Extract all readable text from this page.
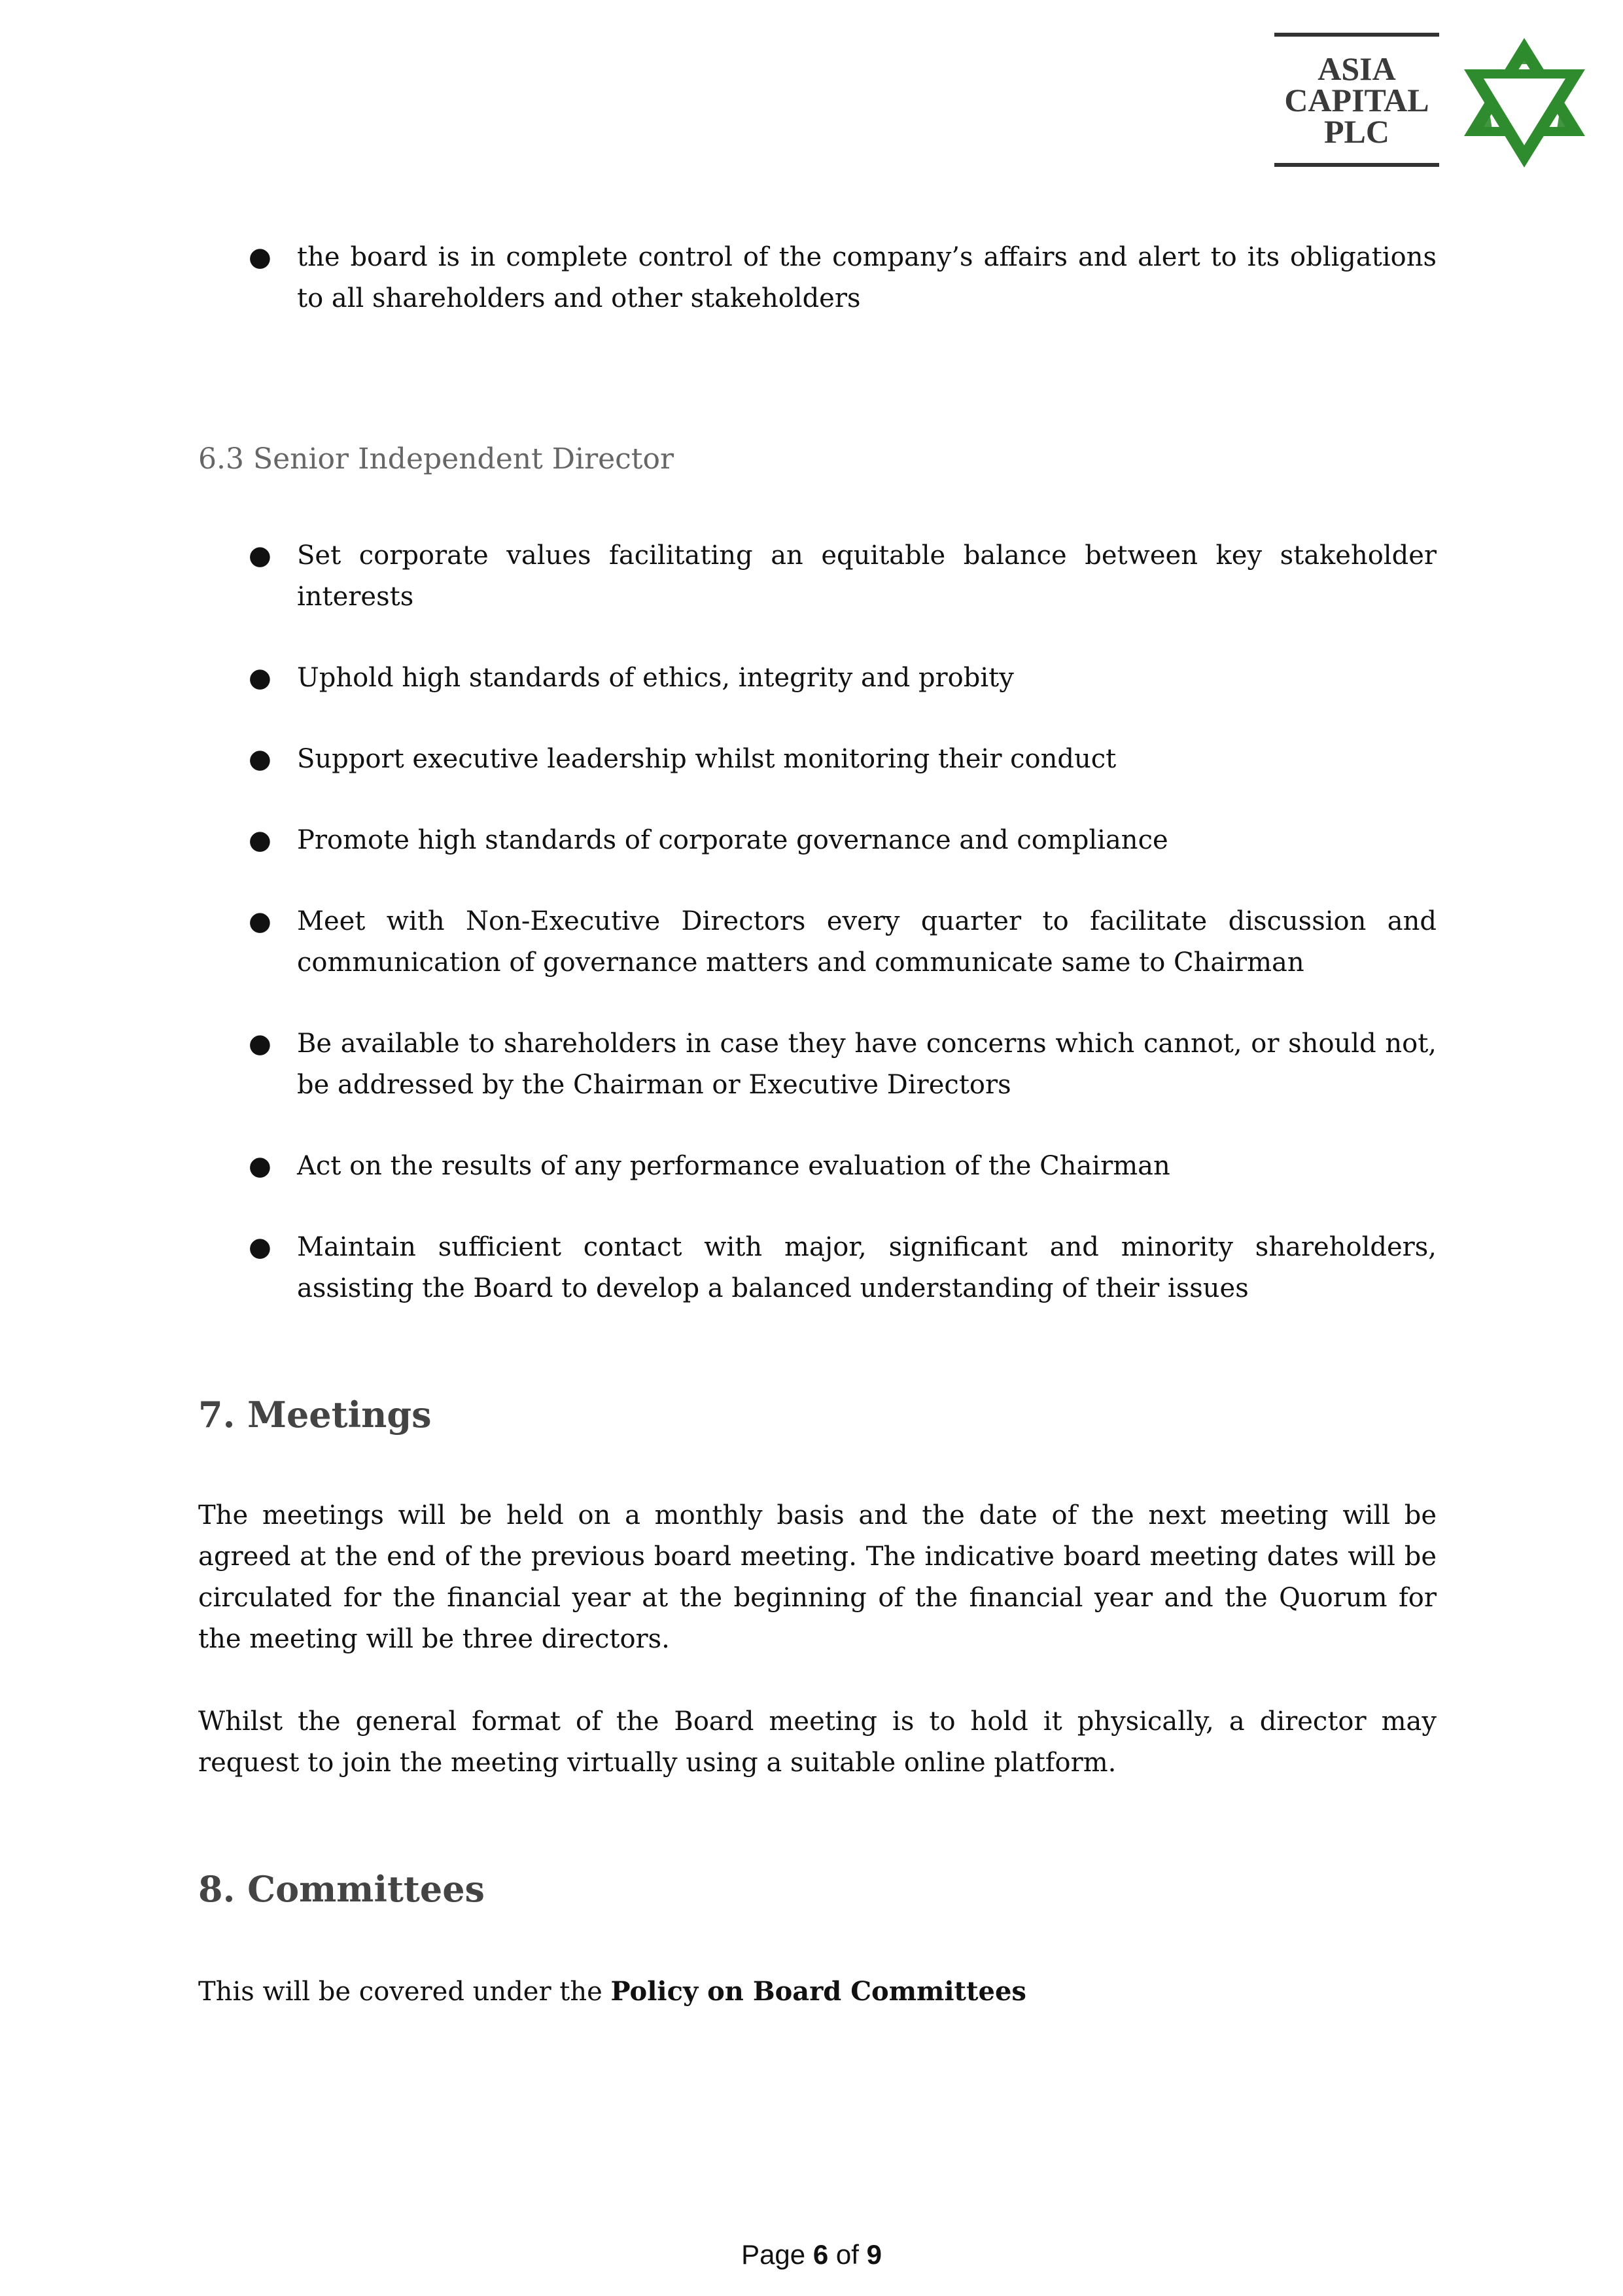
ASIA
CAPITAL
PLC
● the board is in complete control of the company’s affairs and alert to its obligations to all shareholders and other stakeholders
6.3 Senior Independent Director
● Set corporate values facilitating an equitable balance between key stakeholder interests
● Uphold high standards of ethics, integrity and probity
● Support executive leadership whilst monitoring their conduct
● Promote high standards of corporate governance and compliance
● Meet with Non-Executive Directors every quarter to facilitate discussion and communication of governance matters and communicate same to Chairman
● Be available to shareholders in case they have concerns which cannot, or should not, be addressed by the Chairman or Executive Directors
● Act on the results of any performance evaluation of the Chairman
● Maintain sufficient contact with major, significant and minority shareholders, assisting the Board to develop a balanced understanding of their issues
7. Meetings

The meetings will be held on a monthly basis and the date of the next meeting will be agreed at the end of the previous board meeting. The indicative board meeting dates will be circulated for the financial year at the beginning of the financial year and the Quorum for the meeting will be three directors.

Whilst the general format of the Board meeting is to hold it physically, a director may request to join the meeting virtually using a suitable online platform.

8. Committees

This will be covered under the Policy on Board Committees

Page 6 of 9
